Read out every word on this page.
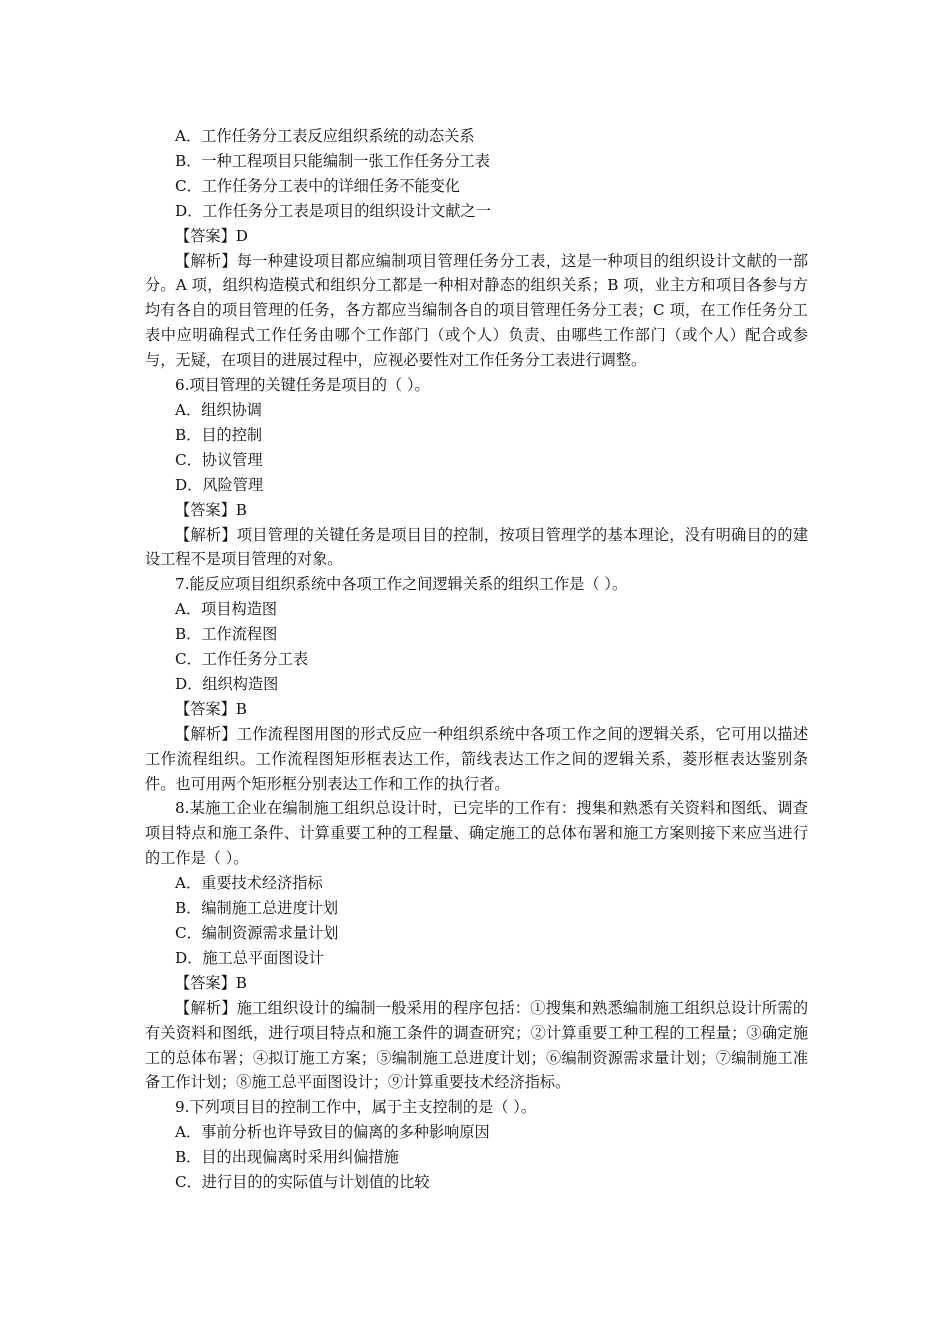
A．工作任务分工表反应组织系统的动态关系

B．一种工程项目只能编制一张工作任务分工表

C．工作任务分工表中的详细任务不能变化

D．工作任务分工表是项目的组织设计文献之一

【答案】D

【解析】每一种建设项目都应编制项目管理任务分工表，这是一种项目的组织设计文献的一部分。A 项，组织构造模式和组织分工都是一种相对静态的组织关系；B 项，业主方和项目各参与方均有各自的项目管理的任务，各方都应当编制各自的项目管理任务分工表；C 项，在工作任务分工表中应明确程式工作任务由哪个工作部门（或个人）负责、由哪些工作部门（或个人）配合或参与，无疑，在项目的进展过程中，应视必要性对工作任务分工表进行调整。

6.项目管理的关键任务是项目的（ ）。

A．组织协调

B．目的控制

C．协议管理

D．风险管理

【答案】B

【解析】项目管理的关键任务是项目目的控制，按项目管理学的基本理论，没有明确目的的建设工程不是项目管理的对象。

7.能反应项目组织系统中各项工作之间逻辑关系的组织工作是（ ）。

A．项目构造图

B．工作流程图

C．工作任务分工表

D．组织构造图

【答案】B

【解析】工作流程图用图的形式反应一种组织系统中各项工作之间的逻辑关系，它可用以描述工作流程组织。工作流程图矩形框表达工作，箭线表达工作之间的逻辑关系，菱形框表达鉴别条件。也可用两个矩形框分别表达工作和工作的执行者。

8.某施工企业在编制施工组织总设计时，已完毕的工作有：搜集和熟悉有关资料和图纸、调查项目特点和施工条件、计算重要工种的工程量、确定施工的总体布署和施工方案则接下来应当进行的工作是（ ）。

A．重要技术经济指标

B．编制施工总进度计划

C．编制资源需求量计划

D．施工总平面图设计

【答案】B

【解析】施工组织设计的编制一般采用的程序包括：①搜集和熟悉编制施工组织总设计所需的有关资料和图纸，进行项目特点和施工条件的调查研究；②计算重要工种工程的工程量；③确定施工的总体布署；④拟订施工方案；⑤编制施工总进度计划；⑥编制资源需求量计划；⑦编制施工准备工作计划；⑧施工总平面图设计；⑨计算重要技术经济指标。

9.下列项目目的控制工作中，属于主支控制的是（ ）。

A．事前分析也许导致目的偏离的多种影响原因

B．目的出现偏离时采用纠偏措施

C．进行目的的实际值与计划值的比较
